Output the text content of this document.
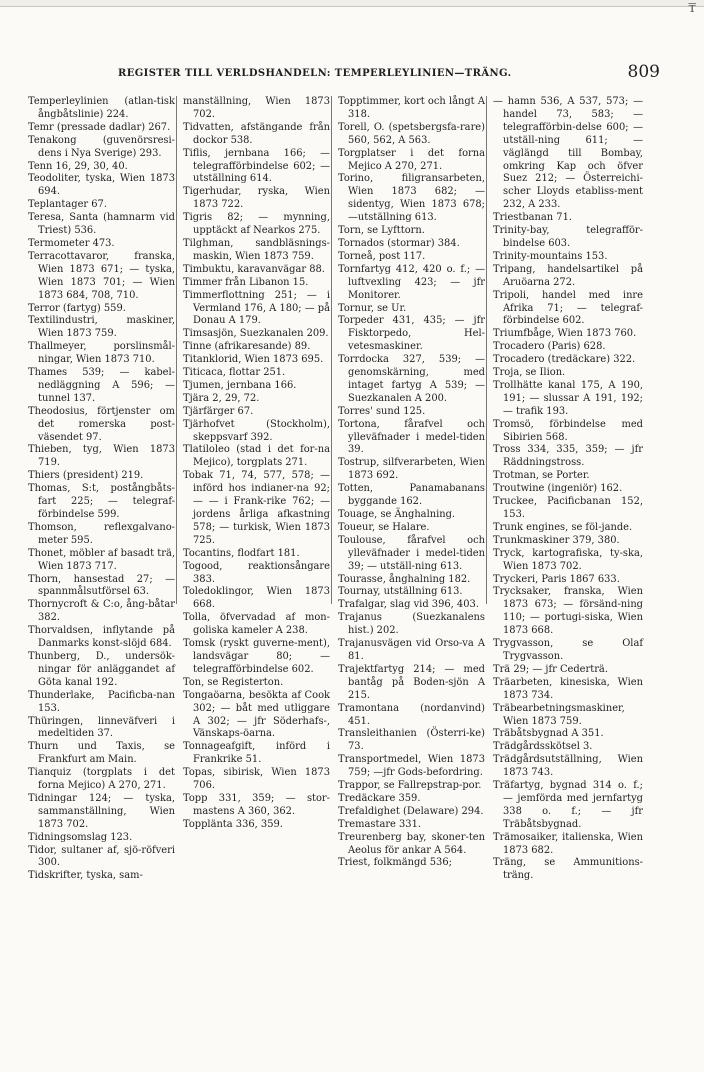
₸
REGISTER TILL VERLDSHANDELN: TEMPERLEYLINIEN—TRÄNG.	809

Temperleylinien (atlan-tisk ångbåtslinie) 224.

Temr (pressade dadlar) 267.

Tenakong (guvenörsresi-dens i Nya Sverige) 293.

Tenn 16, 29, 30, 40.

Teodoliter, tyska, Wien 1873 694.

Teplantager 67.

Teresa, Santa (hamnarm vid Triest) 536.

Termometer 473.

Terracottavaror, franska, Wien 1873 671; — tyska, Wien 1873 701; — Wien 1873 684, 708, 710.

Terror (fartyg) 559.

Textilindustri, maskiner, Wien 1873 759.

Thallmeyer, porslinsmål-ningar, Wien 1873 710.

Thames 539; — kabel-nedläggning A 596; — tunnel 137.

Theodosius, förtjenster om det romerska post-väsendet 97.

Thieben, tyg, Wien 1873 719.

Thiers (president) 219.

Thomas, S:t, postångbåts-fart 225; — telegraf-förbindelse 599.

Thomson, reflexgalvano-meter 595.

Thonet, möbler af basadt trä, Wien 1873 717.

Thorn, hansestad 27; — spannmålsutförsel 63.

Thornycroft & C:o, ång-båtar 382.

Thorvaldsen, inflytande på Danmarks konst-slöjd 684.

Thunberg, D., undersök-ningar för anläggandet af Göta kanal 192.

Thunderlake, Pacificba-nan 153.

Thüringen, linneväfveri i medeltiden 37.

Thurn und Taxis, se Frankfurt am Main.

Tianquiz (torgplats i det forna Mejico) A 270, 271.

Tidningar 124; — tyska, sammanställning, Wien 1873 702.

Tidningsomslag 123.

Tidor, sultaner af, sjö-röfveri 300.

Tidskrifter, tyska, sam-

manställning, Wien 1873 702.

Tidvatten, afstängande från dockor 538.

Tiflis, jernbana 166; — telegrafförbindelse 602; — utställning 614.

Tigerhudar, ryska, Wien 1873 722.

Tigris 82; — mynning, upptäckt af Nearkos 275.

Tilghman, sandbläsnings-maskin, Wien 1873 759.

Timbuktu, karavanvägar 88.

Timmer från Libanon 15.

Timmerflottning 251; — i Vermland 176, A 180; — på Donau A 179.

Timsasjön, Suezkanalen 209.

Tinne (afrikaresande) 89.

Titanklorid, Wien 1873 695.

Titicaca, flottar 251.

Tjumen, jernbana 166.

Tjära 2, 29, 72.

Tjärfärger 67.

Tjärhofvet (Stockholm), skeppsvarf 392.

Tlatiloleo (stad i det for-na Mejico), torgplats 271.

Tobak 71, 74, 577, 578; — införd hos indianer-na 92; — — i Frank-rike 762; — jordens årliga afkastning 578; — turkisk, Wien 1873 725.

Tocantins, flodfart 181.

Togood, reaktionsångare 383.

Toledoklingor, Wien 1873 668.

Tolla, öfvervadad af mon-goliska kameler A 238.

Tomsk (ryskt guverne-ment), landsvägar 80; — telegrafförbindelse 602.

Ton, se Registerton.

Tongaöarna, besökta af Cook 302; — båt med utliggare A 302; — jfr Söderhafs-, Vänskaps-öarna.

Tonnageafgift, införd i Frankrike 51.

Topas, sibirisk, Wien 1873 706.

Topp 331, 359; — stor-mastens A 360, 362.

Toppläntа 336, 359.

Topptimmer, kort och långt A 318.

Torell, O. (spetsbergsfa-rare) 560, 562, A 563.

Torgplatser i det forna Mejico A 270, 271.

Torino, filigransarbeten, Wien 1873 682; — sidentyg, Wien 1873 678; —utställning 613.

Torn, se Lyfttorn.

Tornados (stormar) 384.

Torneå, post 117.

Tornfartyg 412, 420 o. f.; — luftvexling 423; — jfr Monitorer.

Tornur, se Ur.

Torpeder 431, 435; — jfr Fisktorpedo, Hel-vetesmaskiner.

Torrdocka 327, 539; — genomskärning, med intaget fartyg A 539; — Suezkanalen A 200.

Torres' sund 125.

Tortona, fårafvel och ylleväfnader i medel-tiden 39.

Tostrup, silfverarbeten, Wien 1873 692.

Totten, Panamabanans byggande 162.

Touage, se Änghalning.

Toueur, se Halare.

Toulouse, fårafvel och ylleväfnader i medel-tiden 39; — utställ-ning 613.

Tourasse, ånghalning 182.

Tournay, utställning 613.

Trafalgar, slag vid 396, 403.

Trajanus (Suezkanalens hist.) 202.

Trajanusvägen vid Orso-va A 81.

Trajektfartyg 214; — med bantåg på Boden-sjön A 215.

Tramontana (nordanvind) 451.

Transleithanien (Österri-ke) 73.

Transportmedel, Wien 1873 759; —jfr Gods-befordring.

Trappor, se Fallrepstrap-por.

Tredäckare 359.

Trefaldighet (Delaware) 294.

Tremastare 331.

Treurenberg bay, skoner-ten Aeolus för ankar A 564.

Triest, folkmängd 536;

— hamn 536, A 537, 573; — handel 73, 583; — telegrafförbin-delse 600; — utställ-ning 611; — väglängd till Bombay, omkring Kap och öfver Suez 212; — Österreichi-scher Lloyds etabliss-ment 232, A 233.

Triestbanan 71.

Trinity-bay, telegrafför-bindelse 603.

Trinity-mountains 153.

Tripang, handelsartikel på Aruöarna 272.

Tripoli, handel med inre Afrika 71; — telegraf-förbindelse 602.

Triumfbåge, Wien 1873 760.

Trocadero (Paris) 628.

Trocadero (tredäckare) 322.

Troja, se Ilion.

Trollhätte kanal 175, A 190, 191; — slussar A 191, 192; — trafik 193.

Tromsö, förbindelse med Sibirien 568.

Tross 334, 335, 359; — jfr Räddningstross.

Trotman, se Porter.

Troutwine (ingeniör) 162.

Truckee, Pacificbanan 152, 153.

Trunk engines, se föl-jande.

Trunkmaskiner 379, 380.

Tryck, kartografiska, ty-ska, Wien 1873 702.

Tryckeri, Paris 1867 633.

Trycksaker, franska, Wien 1873 673; — försänd-ning 110; — portugi-siska, Wien 1873 668.

Trygvasson, se Olaf Trygvasson.

Trä 29; — jfr Cederträ.

Träarbeten, kinesiska, Wien 1873 734.

Träbearbetningsmaskiner, Wien 1873 759.

Träbåtsbygnad A 351.

Trädgårdsskötsel 3.

Trädgårdsutställning, Wien 1873 743.

Träfartyg, bygnad 314 o. f.; — jemförda med jernfartyg 338 o. f.; — jfr Träbåtsbygnad.

Trämosaiker, italienska, Wien 1873 682.

Träng, se Ammunitions-träng.
